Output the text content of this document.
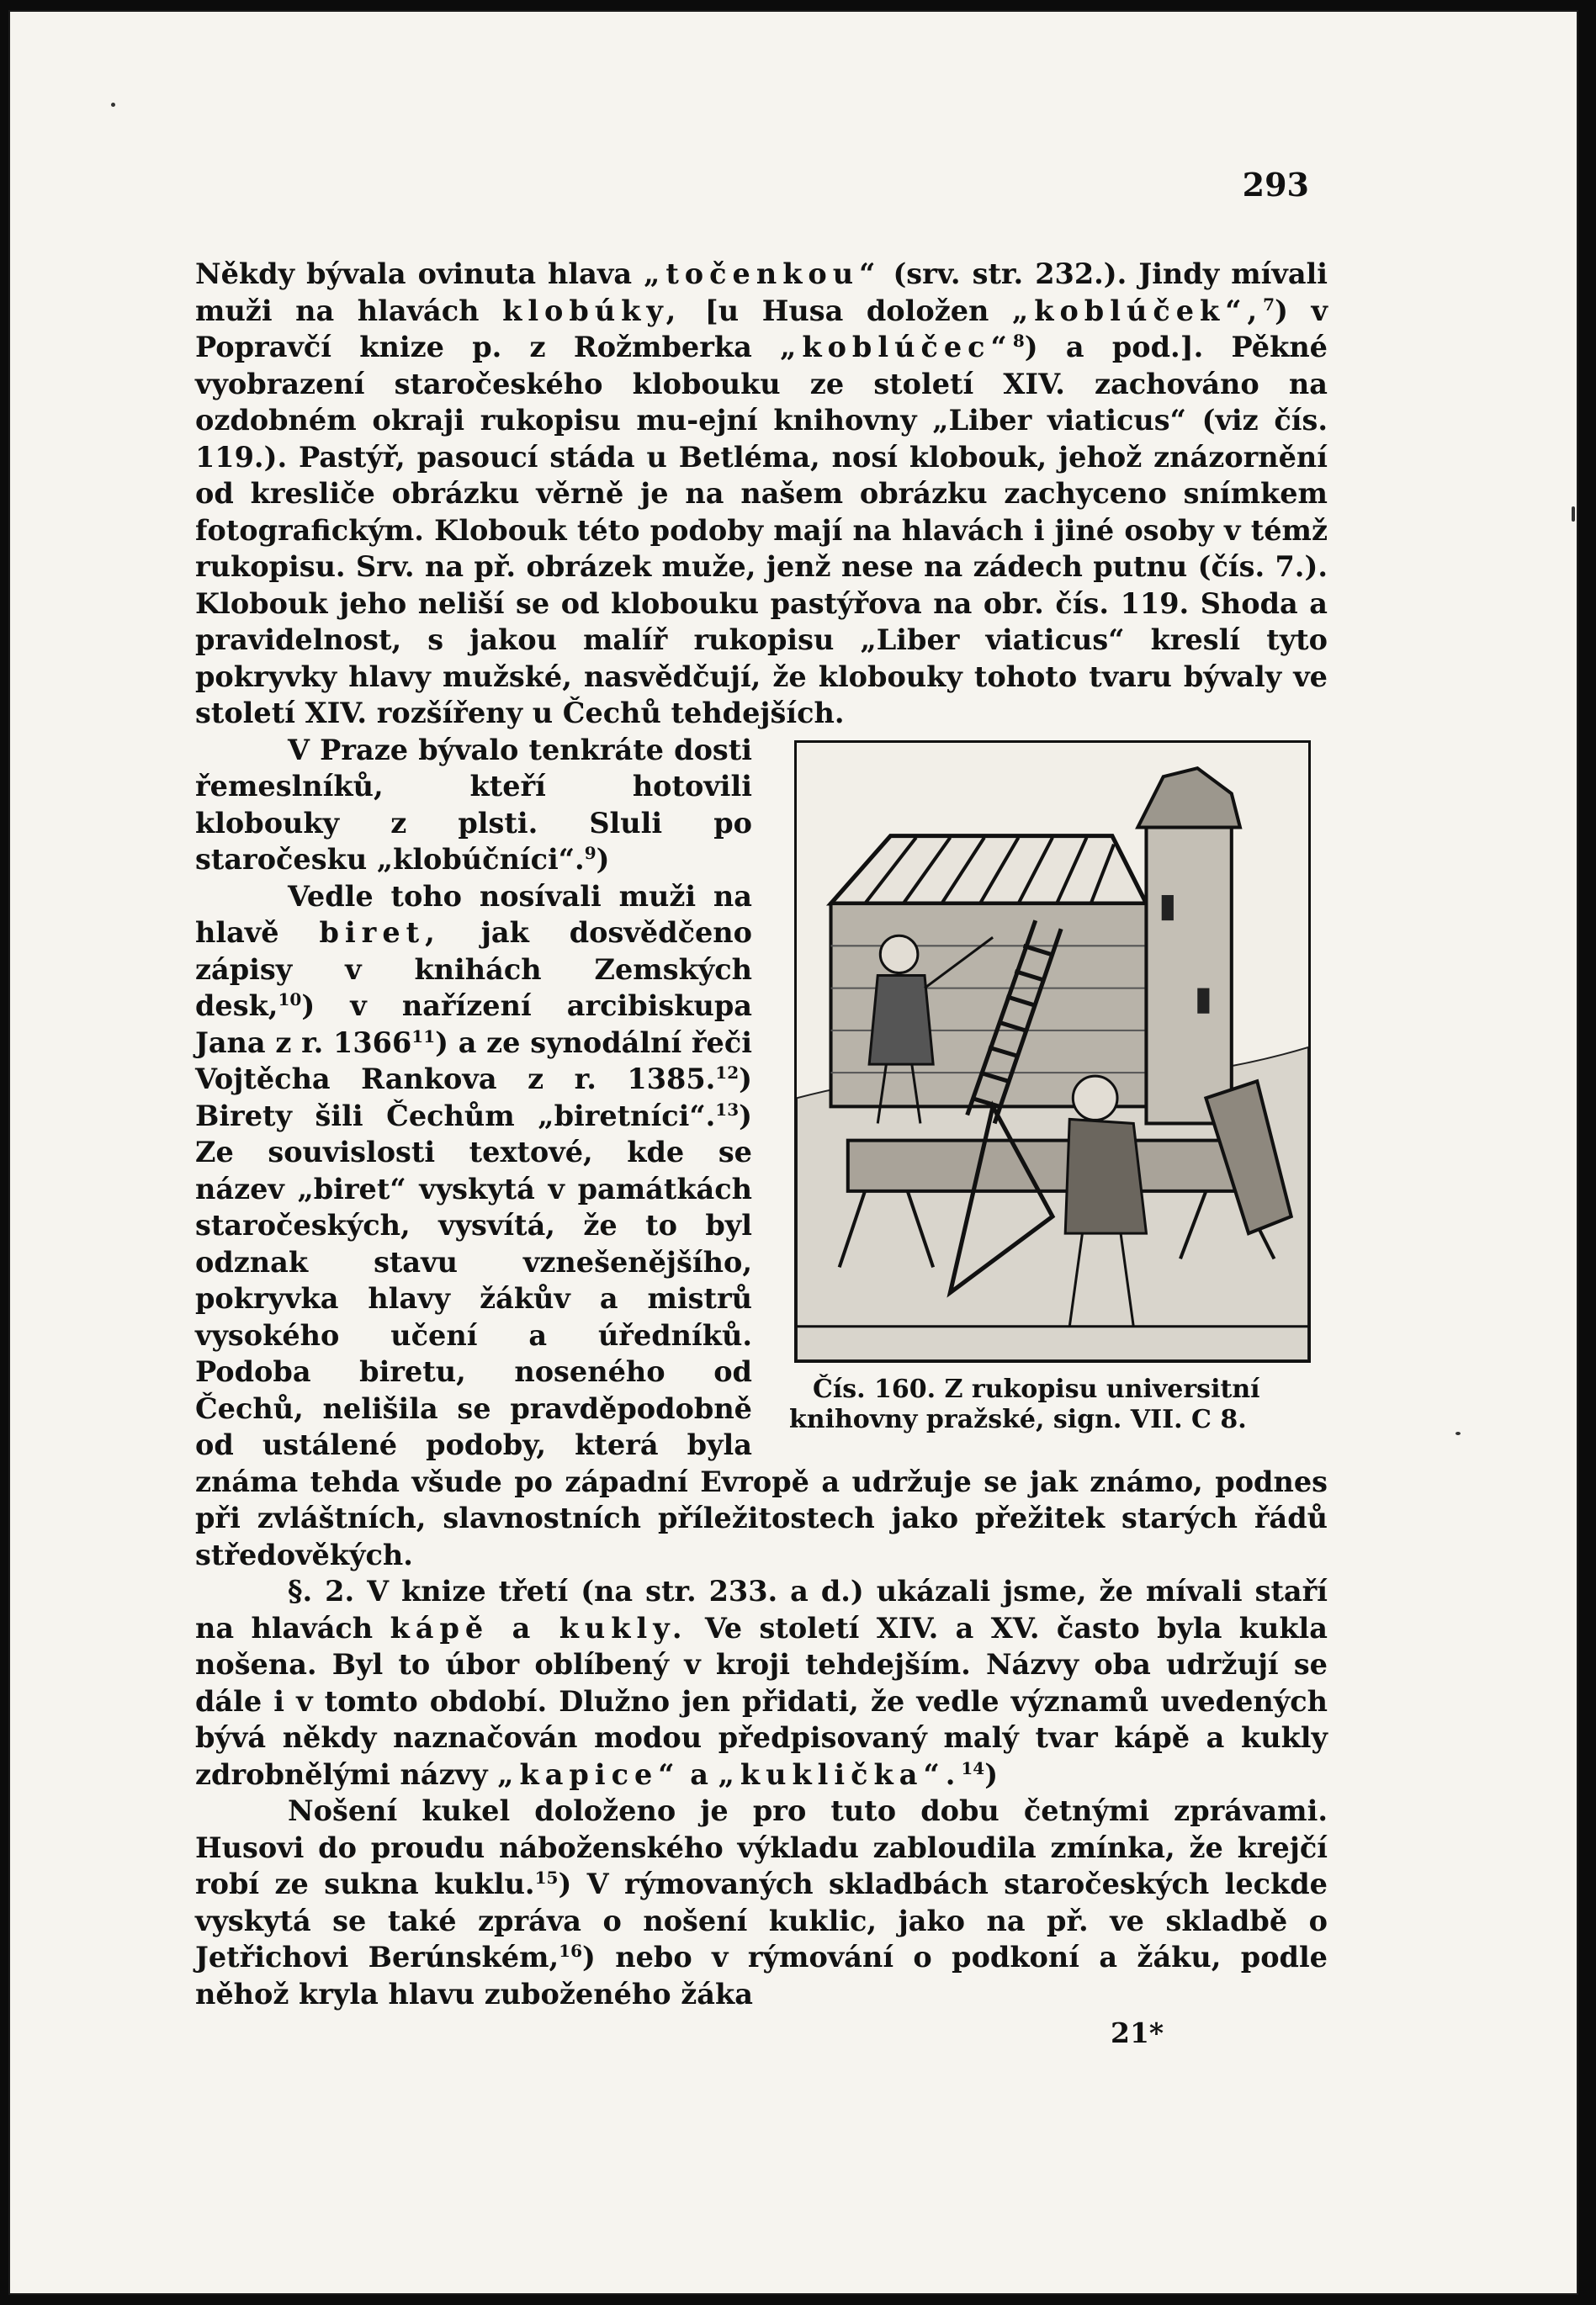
293

Někdy bývala ovinuta hlava „točenkou“ (srv. str. 232.). Jindy mívali muži na hlavách klobúky, [u Husa doložen „koblúček“,$^7$) v Popravčí knize p. z Rožmberka „koblúčec“$^8$) a pod.]. Pěkné vyobrazení staročeského klobouku ze století XIV. zachováno na ozdobném okraji rukopisu mu-ejní knihovny „Liber viaticus“ (viz čís. 119.). Pastýř, pasoucí stáda u Betléma, nosí klobouk, jehož znázornění od kresliče obrázku věrně je na našem obrázku zachyceno snímkem fotografickým. Klobouk této podoby mají na hlavách i jiné osoby v témž rukopisu. Srv. na př. obrázek muže, jenž nese na zádech putnu (čís. 7.). Klobouk jeho neliší se od klobouku pastýřova na obr. čís. 119. Shoda a pravidelnost, s jakou malíř rukopisu „Liber viaticus“ kreslí tyto pokryvky hlavy mužské, nasvědčují, že klobouky tohoto tvaru bývaly ve století XIV. rozšířeny u Čechů tehdejších.

Čís. 160. Z rukopisu universitní knihovny pražské, sign. VII. C 8.

V Praze bývalo tenkráte dosti řemeslníků, kteří hotovili klobouky z plsti. Sluli po staročesku „klobúčníci“.$^9$)

Vedle toho nosívali muži na hlavě biret, jak dosvědčeno zápisy v knihách Zemských desk,$^{10}$) v nařízení arcibiskupa Jana z r. 1366$^{11}$) a ze synodální řeči Vojtěcha Rankova z r. 1385.12) Birety šili Čechům „biretníci“.$^{13}$) Ze souvislosti textové, kde se název „biret“ vyskytá v památkách staročeských, vysvítá, že to byl odznak stavu vznešenějšího, pokryvka hlavy žákův a mistrů vysokého učení a úředníků. Podoba biretu, noseného od Čechů, nelišila se pravděpodobně od ustálené podoby, která byla známa tehda všude po západní Evropě a udržuje se jak známo, podnes při zvláštních, slavnostních příležitostech jako přežitek starých řádů středověkých.

§. 2. V knize třetí (na str. 233. a d.) ukázali jsme, že mívali staří na hlavách kápě a kukly. Ve století XIV. a XV. často byla kukla nošena. Byl to úbor oblíbený v kroji tehdejším. Názvy oba udržují se dále i v tomto období. Dlužno jen přidati, že vedle významů uvedených bývá někdy naznačován modou předpisovaný malý tvar kápě a kukly zdrobnělými názvy „kapice“ a „kuklička“.$^{14}$)

Nošení kukel doloženo je pro tuto dobu četnými zprávami. Husovi do proudu náboženského výkladu zabloudila zmínka, že krejčí robí ze sukna kuklu.$^{15}$) V rýmovaných skladbách staročeských leckde vyskytá se také zpráva o nošení kuklic, jako na př. ve skladbě o Jetřichovi Berúnském,$^{16}$) nebo v rýmování o podkoní a žáku, podle něhož kryla hlavu zuboženého žáka

21*
